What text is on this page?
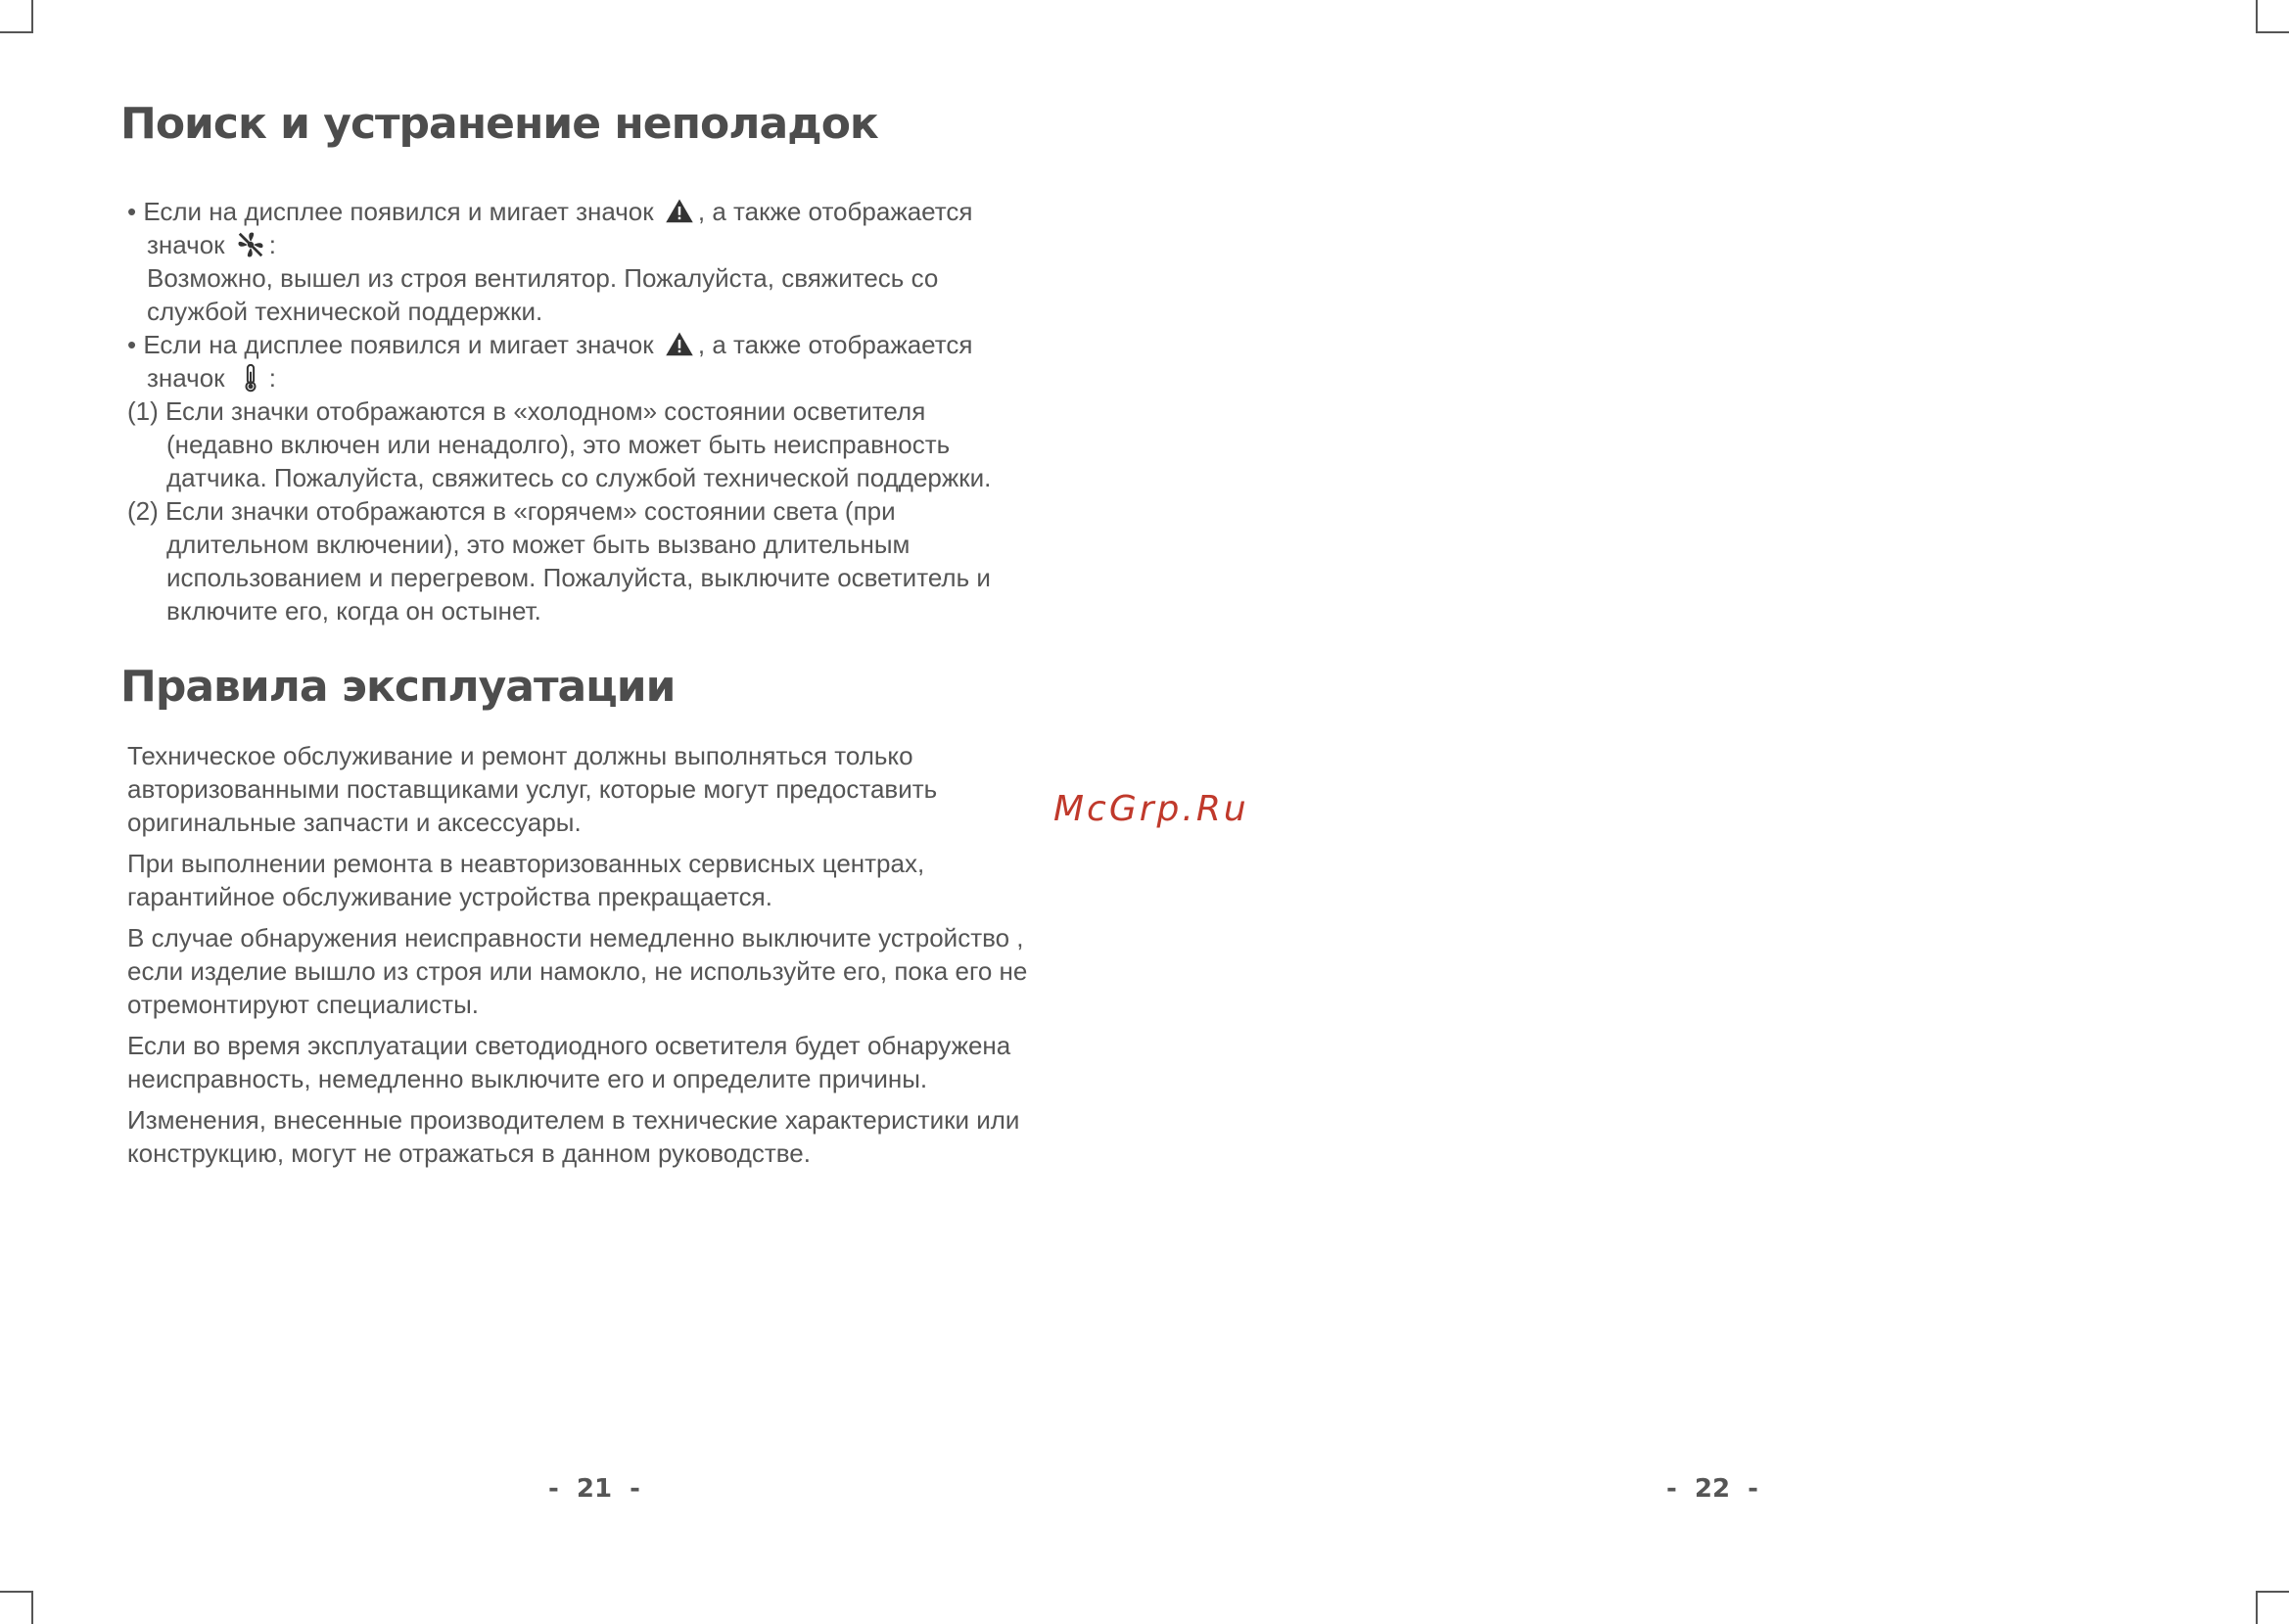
Поиск и устранение неполадок
• Если на дисплее появился и мигает значок , а также отображается
значок :
Возможно, вышел из строя вентилятор. Пожалуйста, свяжитесь со
службой технической поддержки.
• Если на дисплее появился и мигает значок , а также отображается
значок :
(1) Если значки отображаются в «холодном» состоянии осветителя
(недавно включен или ненадолго), это может быть неисправность
датчика. Пожалуйста, свяжитесь со службой технической поддержки.
(2) Если значки отображаются в «горячем» состоянии света (при
длительном включении), это может быть вызвано длительным
использованием и перегревом. Пожалуйста, выключите осветитель и
включите его, когда он остынет.
Правила эксплуатации

Техническое обслуживание и ремонт должны выполняться только
авторизованными поставщиками услуг, которые могут предоставить
оригинальные запчасти и аксессуары.

При выполнении ремонта в неавторизованных сервисных центрах,
гарантийное обслуживание устройства прекращается.

В случае обнаружения неисправности немедленно выключите устройство ,
если изделие вышло из строя или намокло, не используйте его, пока его не
отремонтируют специалисты.

Если во время эксплуатации светодиодного осветителя будет обнаружена
неисправность, немедленно выключите его и определите причины.

Изменения, внесенные производителем в технические характеристики или
конструкцию, могут не отражаться в данном руководстве.

McGrp.Ru
-  21  -	-  22  -
